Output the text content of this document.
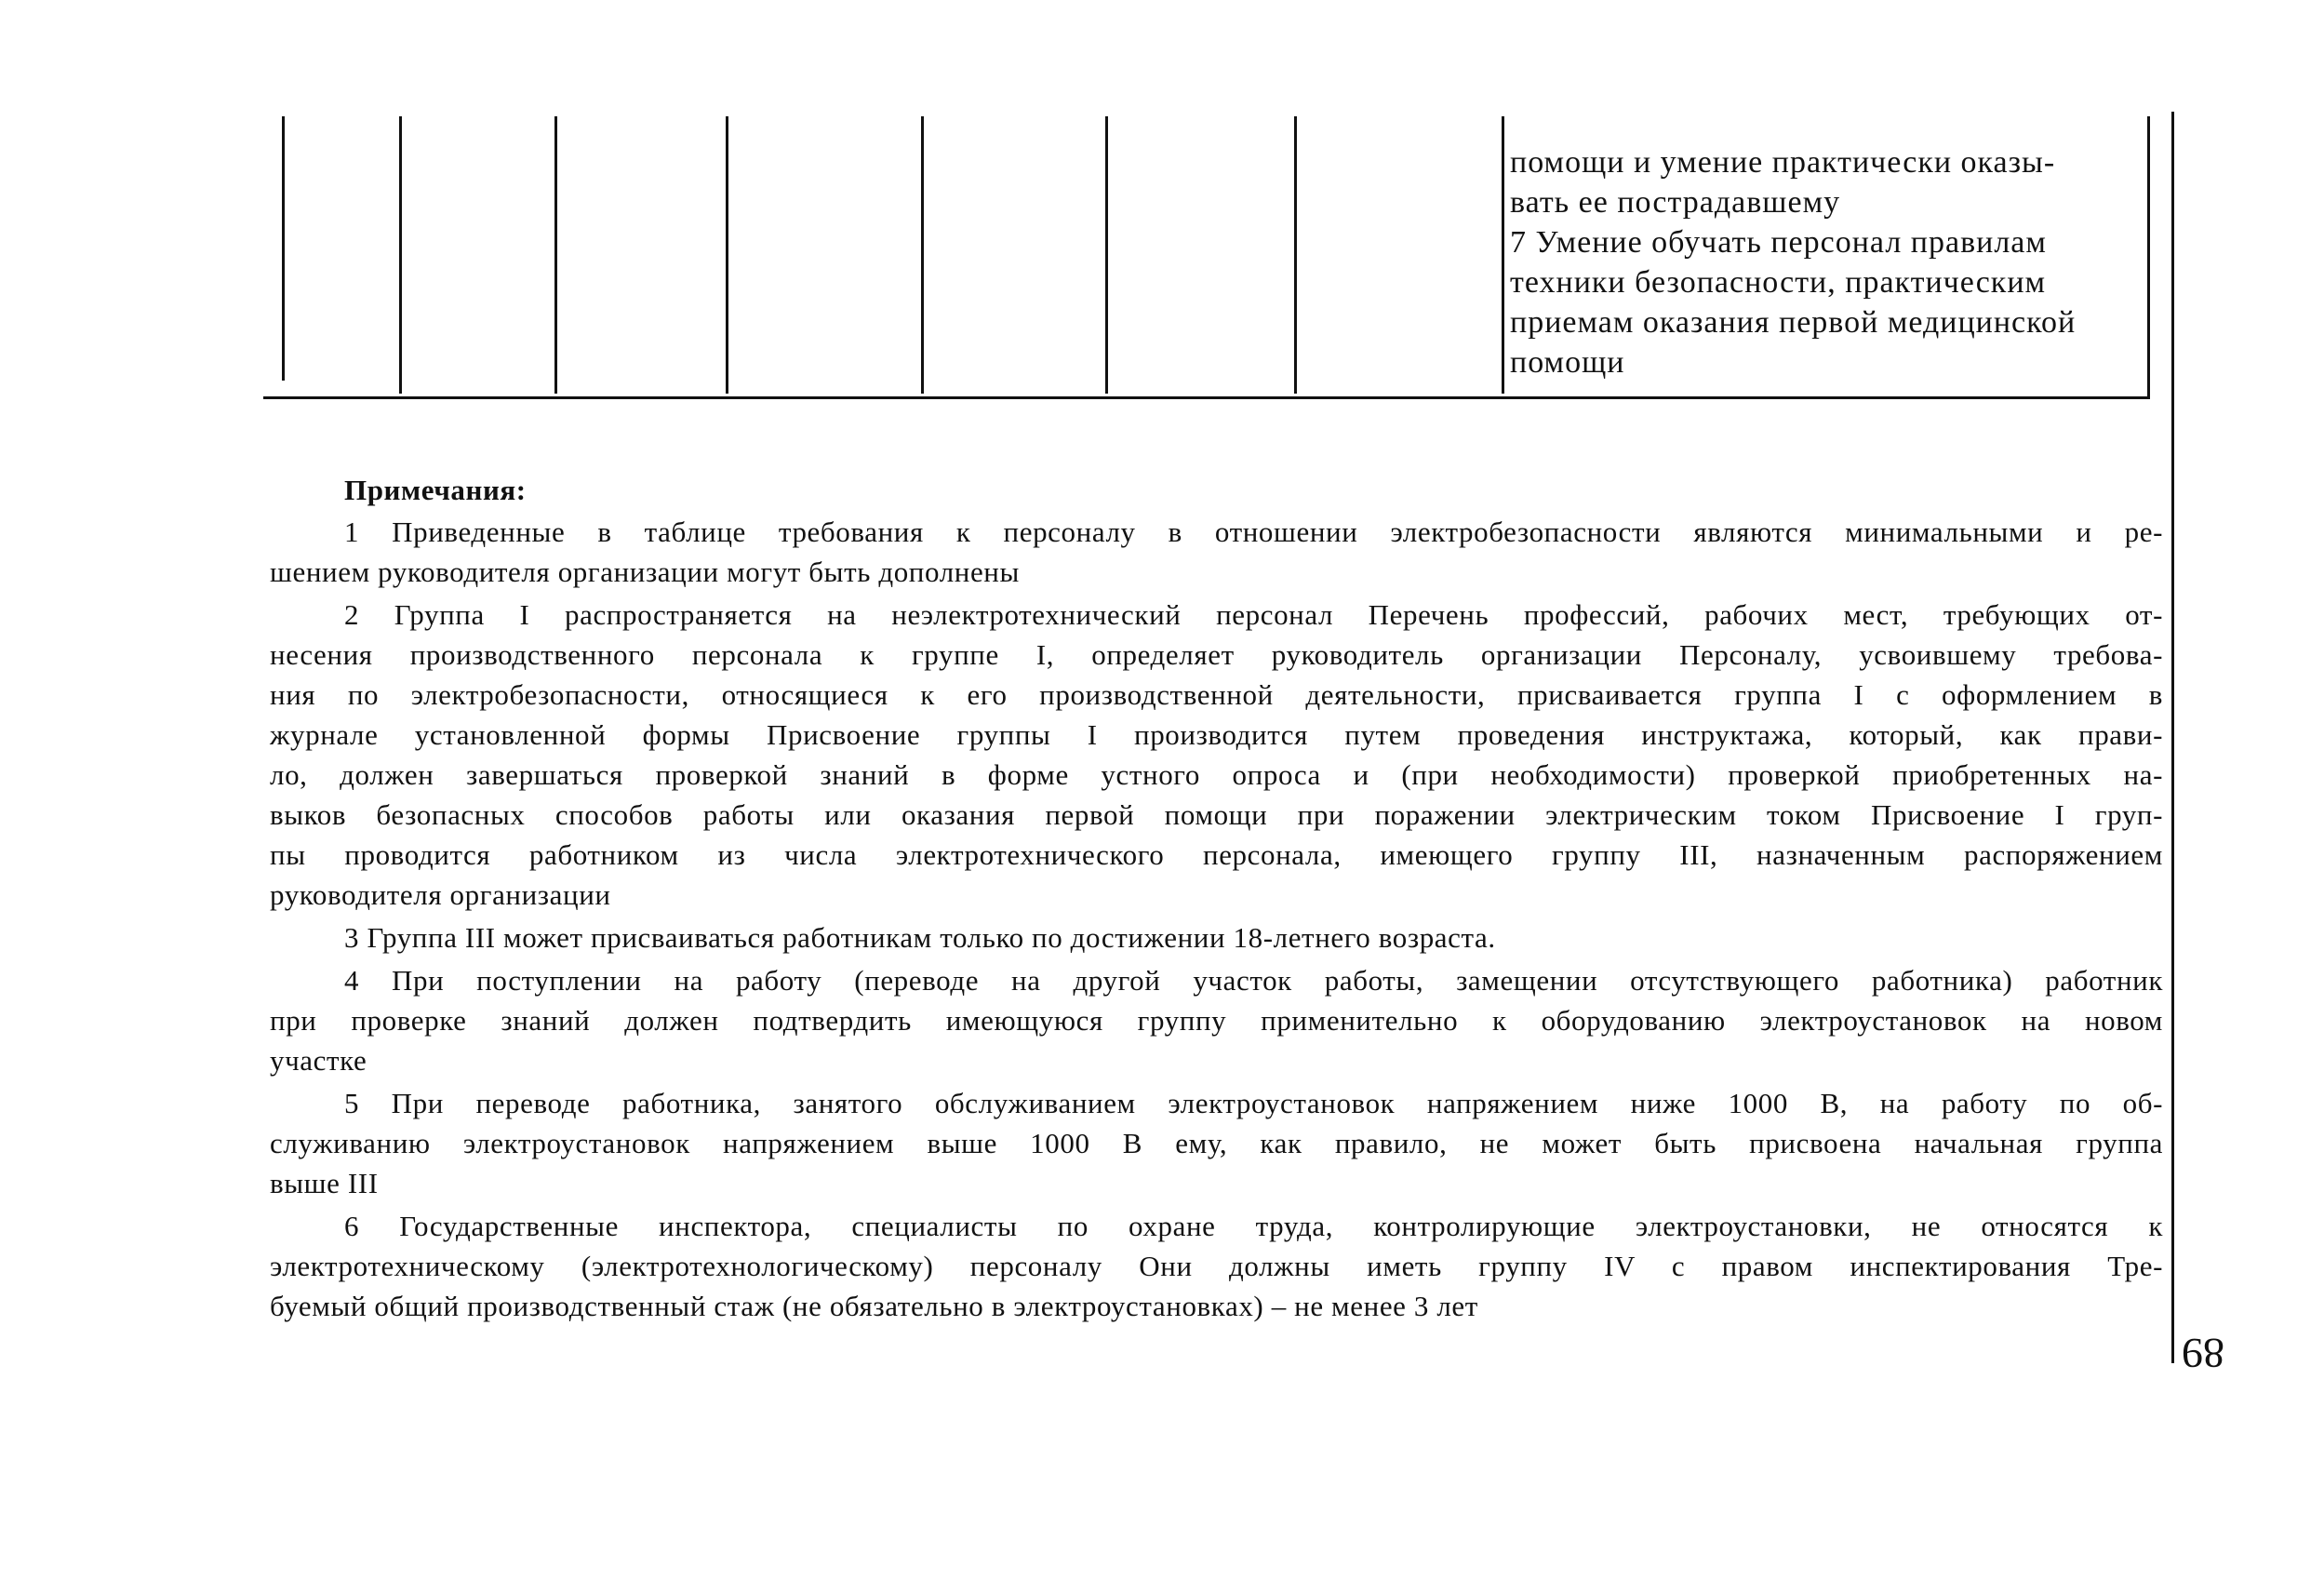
помощи и умение практически оказы-
вать ее пострадавшему
7 Умение обучать персонал правилам
техники безопасности, практическим
приемам оказания первой медицинской
помощи
89
Примечания:
1 Приведенные в таблице требования к персоналу в отношении электробезопасности являются минимальными и ре-
шением руководителя организации могут быть дополнены
2 Группа I распространяется на неэлектротехнический персонал Перечень профессий, рабочих мест, требующих от-
несения производственного персонала к группе I, определяет руководитель организации Персоналу, усвоившему требова-
ния по электробезопасности, относящиеся к его производственной деятельности, присваивается группа I с оформлением в
журнале установленной формы Присвоение группы I производится путем проведения инструктажа, который, как прави-
ло, должен завершаться проверкой знаний в форме устного опроса и (при необходимости) проверкой приобретенных на-
выков безопасных способов работы или оказания первой помощи при поражении электрическим током Присвоение I груп-
пы проводится работником из числа электротехнического персонала, имеющего группу III, назначенным распоряжением
руководителя организации
3 Группа III может присваиваться работникам только по достижении 18-летнего возраста.
4 При поступлении на работу (переводе на другой участок работы, замещении отсутствующего работника) работник
при проверке знаний должен подтвердить имеющуюся группу применительно к оборудованию электроустановок на новом
участке
5 При переводе работника, занятого обслуживанием электроустановок напряжением ниже 1000 В, на работу по об-
служиванию электроустановок напряжением выше 1000 В ему, как правило, не может быть присвоена начальная группа
выше III
6 Государственные инспектора, специалисты по охране труда, контролирующие электроустановки, не относятся к
электротехническому (электротехнологическому) персоналу Они должны иметь группу IV с правом инспектирования Тре-
буемый общий производственный стаж (не обязательно в электроустановках) – не менее 3 лет
